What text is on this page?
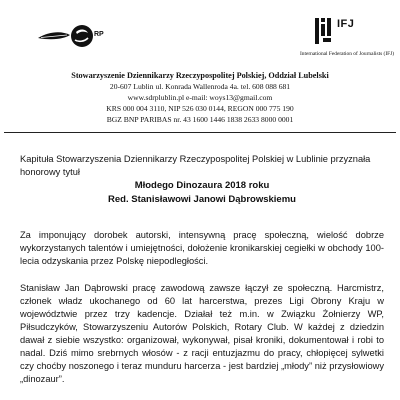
RP
IFJ
International Federation of Journalists (IFJ)
Stowarzyszenie Dziennikarzy Rzeczypospolitej Polskiej, Oddział Lubelski
20-607 Lublin ul. Konrada Wallenroda 4a. tel. 608 088 681
www.sdrplublin.pl e-mail: woys13@gmail.com
KRS 000 004 3110, NIP 526 030 0144, REGON 000 775 190
BGZ BNP PARIBAS nr. 43 1600 1446 1838 2633 8000 0001
Kapituła Stowarzyszenia Dziennikarzy Rzeczypospolitej Polskiej w Lublinie przyznała honorowy tytuł
Młodego Dinozaura 2018 roku
Red. Stanisławowi Janowi Dąbrowskiemu
Za imponujący dorobek autorski, intensywną pracę społeczną, wielość dobrze wykorzystanych talentów i umiejętności, dołożenie kronikarskiej cegiełki w obchody 100-lecia odzyskania przez Polskę niepodległości.
Stanisław Jan Dąbrowski pracę zawodową zawsze łączył ze społeczną. Harcmistrz, członek władz ukochanego od 60 lat harcerstwa, prezes Ligi Obrony Kraju w województwie przez trzy kadencje. Działał też m.in. w Związku Żołnierzy WP, Piłsudczyków, Stowarzyszeniu Autorów Polskich, Rotary Club. W każdej z dziedzin dawał z siebie wszystko: organizował, wykonywał, pisał kroniki, dokumentował i robi to nadal. Dziś mimo srebrnych włosów - z racji entuzjazmu do pracy, chłopięcej sylwetki czy choćby noszonego i teraz munduru harcerza - jest bardziej „młody” niż przysłowiowy „dinozaur”.
